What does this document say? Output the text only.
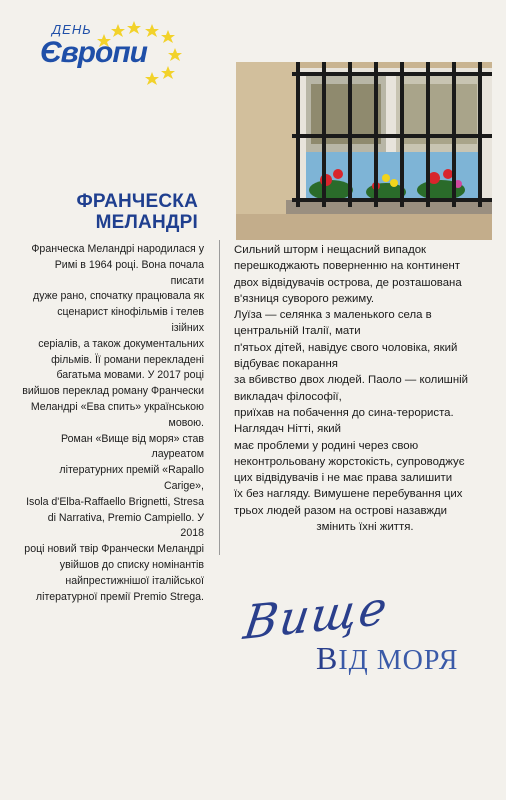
ДЕНЬ
Європи
ФРАНЧЕСКА
МЕЛАНДРІ

Франческа Меландрі народилася у

Римі в 1964 році. Вона почала писати

дуже рано, спочатку працювала як

сценарист кінофільмів і телев ізійних

серіалів, а також документальних

фільмів. Її романи перекладені

багатьма мовами. У 2017 році

вийшов переклад роману Франчески

Меландрі «Ева спить» українською

мовою.

Роман «Вище від моря» став лауреатом

літературних премій «Rapallo Carige»,

Isola d'Elba-Raffaello Brignetti, Stresa

di Narrativa, Premio Campiello. У 2018

році новий твір Франчески Меландрі

увійшов до списку номінантів

найпрестижнішої італійської

літературної премії Premio Strega.

Сильний шторм і нещасний випадок
перешкоджають поверненню на континент
двох відвідувачів острова, де розташована
в'язниця суворого режиму.
Луїза — селянка з маленького села в
центральній Італії, мати
п'ятьох дітей, навідує свого чоловіка, який
відбуває покарання
за вбивство двох людей. Паоло — колишній
викладач філософії,
приїхав на побачення до сина-терориста.
Наглядач Нітті, який
має проблеми у родині через свою
неконтрольовану жорстокість, супроводжує
цих відвідувачів і не має права залишити
їх без нагляду. Вимушене перебування цих
трьох людей разом на острові назавжди
змінить їхні життя.
Вище
ВІД МОРЯ
